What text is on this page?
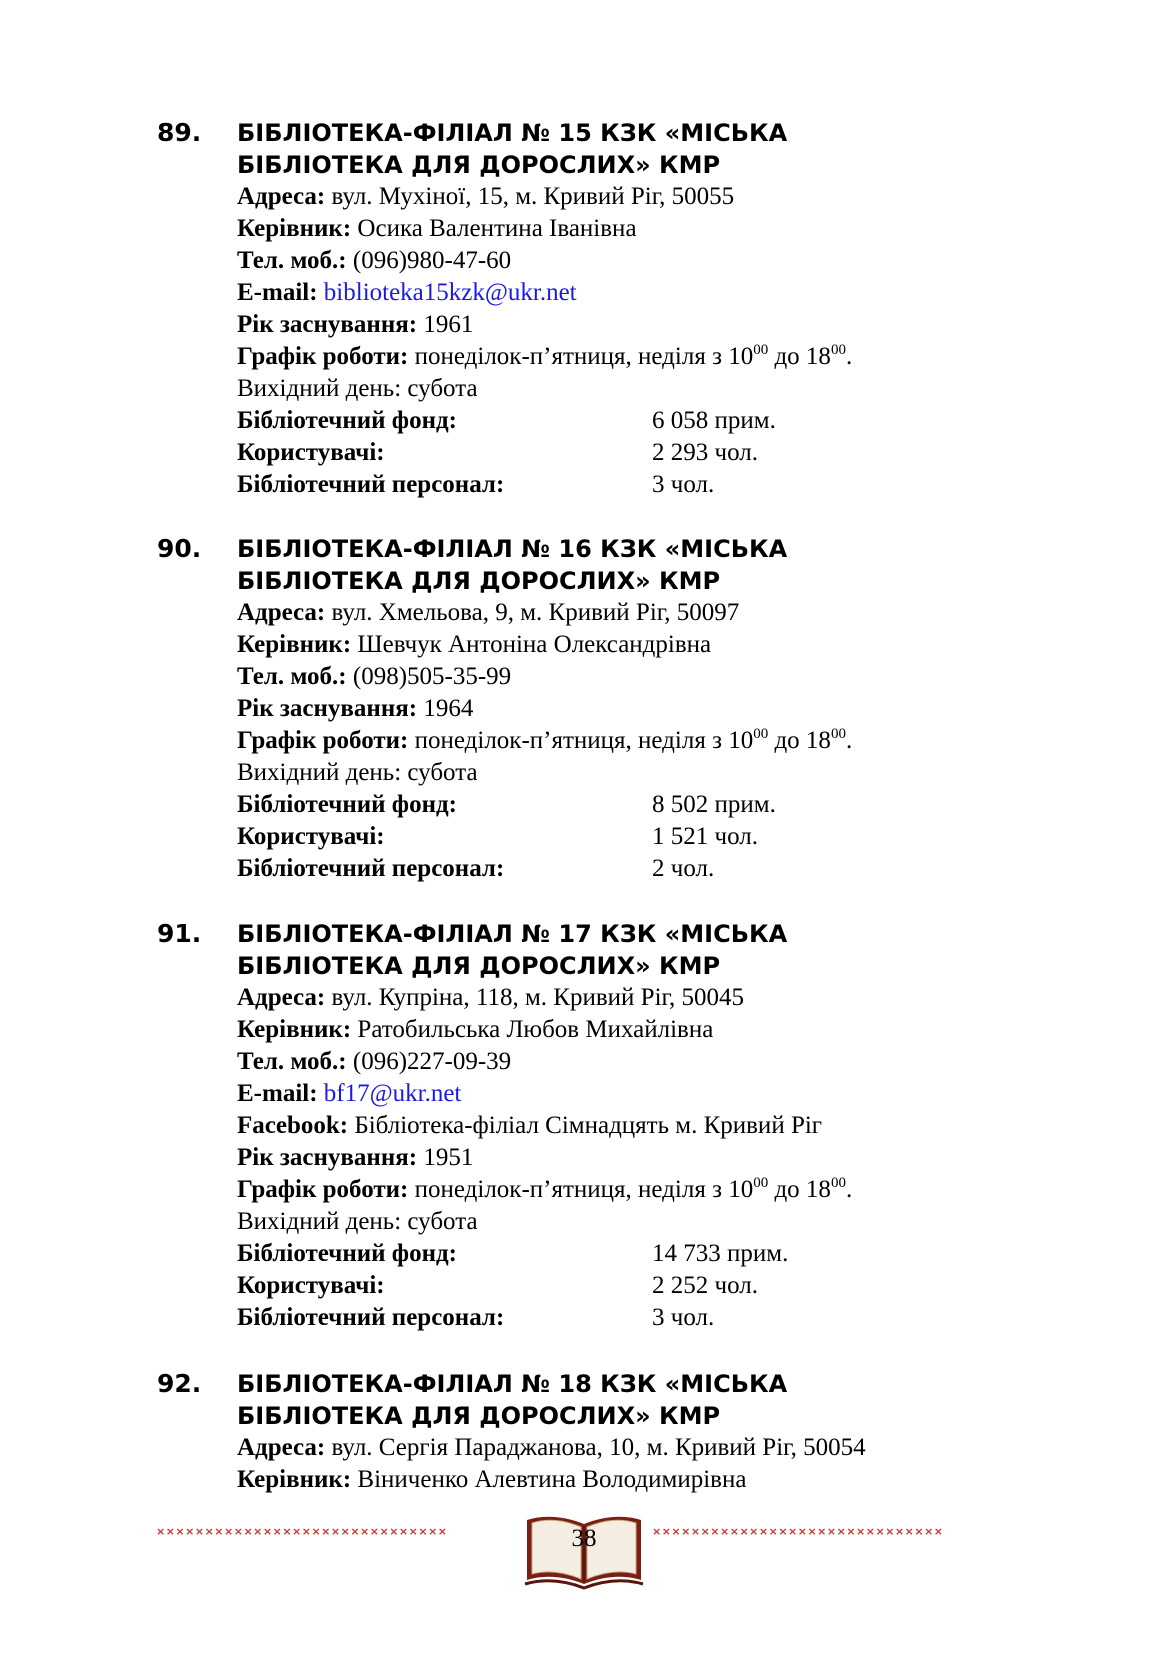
89. БІБЛІОТЕКА-ФІЛІАЛ № 15 КЗК «МІСЬКА
БІБЛІОТЕКА ДЛЯ ДОРОСЛИХ» КМР
Адреса: вул. Мухіної, 15, м. Кривий Ріг, 50055
Керівник: Осика Валентина Іванівна
Тел. моб.: (096)980-47-60
E-mail: biblioteka15kzk@ukr.net
Рік заснування: 1961
Графік роботи: понеділок-п’ятниця, неділя з $10^{00}$ до $18^{00}$.
Вихідний день: субота
Бібліотечний фонд:	6 058 прим.
Користувачі:	2 293 чол.
Бібліотечний персонал:	3 чол.
90. БІБЛІОТЕКА-ФІЛІАЛ № 16 КЗК «МІСЬКА
БІБЛІОТЕКА ДЛЯ ДОРОСЛИХ» КМР
Адреса: вул. Хмельова, 9, м. Кривий Ріг, 50097
Керівник: Шевчук Антоніна Олександрівна
Тел. моб.: (098)505-35-99
Рік заснування: 1964
Графік роботи: понеділок-п’ятниця, неділя з $10^{00}$ до $18^{00}$.
Вихідний день: субота
Бібліотечний фонд:	8 502 прим.
Користувачі:	1 521 чол.
Бібліотечний персонал:	2 чол.
91. БІБЛІОТЕКА-ФІЛІАЛ № 17 КЗК «МІСЬКА
БІБЛІОТЕКА ДЛЯ ДОРОСЛИХ» КМР
Адреса: вул. Купріна, 118, м. Кривий Ріг, 50045
Керівник: Ратобильська Любов Михайлівна
Тел. моб.: (096)227-09-39
E-mail: bf17@ukr.net
Facebook: Бібліотека-філіал Сімнадцять м. Кривий Ріг
Рік заснування: 1951
Графік роботи: понеділок-п’ятниця, неділя з $10^{00}$ до $18^{00}$.
Вихідний день: субота
Бібліотечний фонд:	14 733 прим.
Користувачі:	2 252 чол.
Бібліотечний персонал:	3 чол.
92. БІБЛІОТЕКА-ФІЛІАЛ № 18 КЗК «МІСЬКА
БІБЛІОТЕКА ДЛЯ ДОРОСЛИХ» КМР
Адреса: вул. Сергія Параджанова, 10, м. Кривий Ріг, 50054
Керівник: Віниченко Алевтина Володимирівна
××××××××××××××××××××××××××××××	38	××××××××××××××××××××××××××××××
